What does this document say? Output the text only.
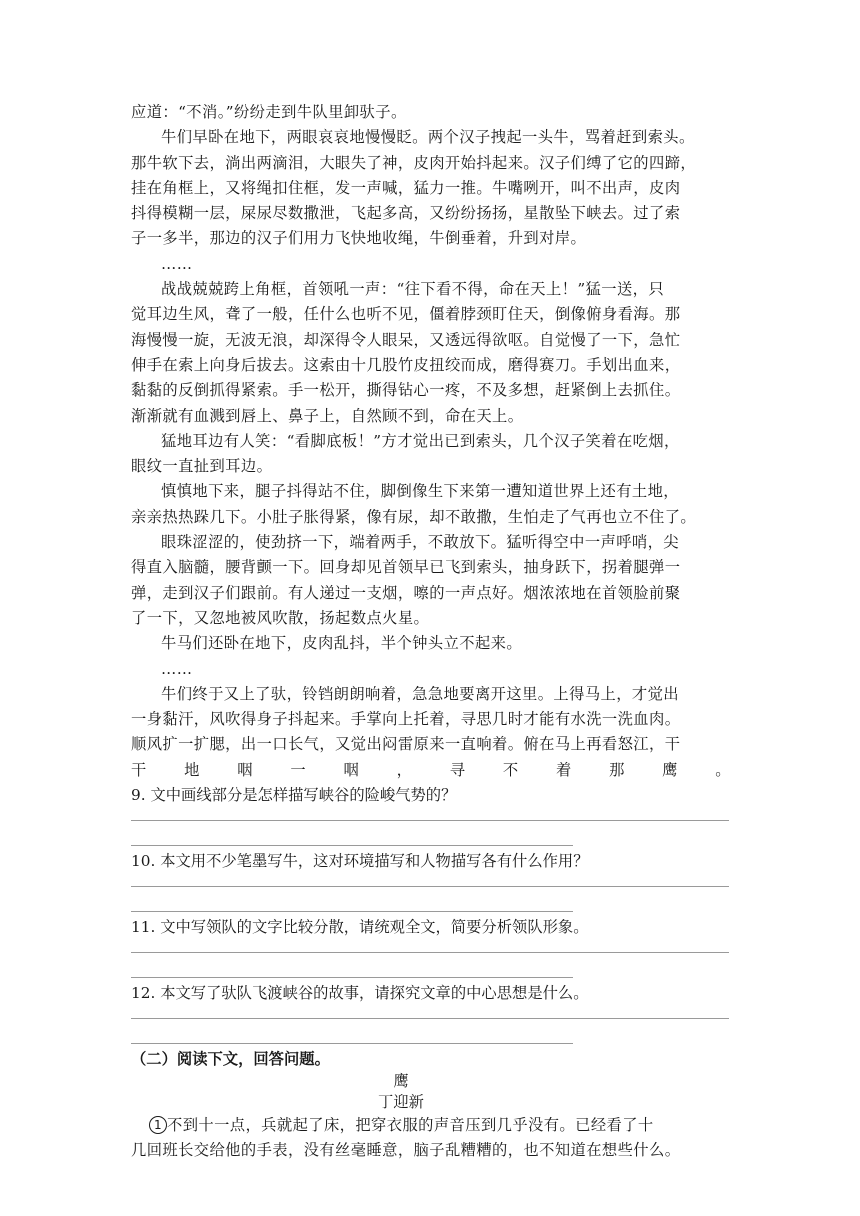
应道：“不消。”纷纷走到牛队里卸驮子。

牛们早卧在地下，两眼哀哀地慢慢眨。两个汉子拽起一头牛，骂着赶到索头。

那牛软下去，淌出两滴泪，大眼失了神，皮肉开始抖起来。汉子们缚了它的四蹄，

挂在角框上，又将绳扣住框，发一声喊，猛力一推。牛嘴咧开，叫不出声，皮肉

抖得模糊一层，屎尿尽数撒泄，飞起多高，又纷纷扬扬，星散坠下峡去。过了索

子一多半，那边的汉子们用力飞快地收绳，牛倒垂着，升到对岸。

……

战战兢兢跨上角框，首领吼一声：“往下看不得，命在天上！”猛一送，只

觉耳边生风，聋了一般，任什么也听不见，僵着脖颈盯住天，倒像俯身看海。那

海慢慢一旋，无波无浪，却深得令人眼呆，又透远得欲呕。自觉慢了一下，急忙

伸手在索上向身后拔去。这索由十几股竹皮扭绞而成，磨得赛刀。手划出血来，

黏黏的反倒抓得紧索。手一松开，撕得钻心一疼，不及多想，赶紧倒上去抓住。

渐渐就有血溅到唇上、鼻子上，自然顾不到，命在天上。

猛地耳边有人笑：“看脚底板！”方才觉出已到索头，几个汉子笑着在吃烟，

眼纹一直扯到耳边。

慎慎地下来，腿子抖得站不住，脚倒像生下来第一遭知道世界上还有土地，

亲亲热热跺几下。小肚子胀得紧，像有尿，却不敢撒，生怕走了气再也立不住了。

眼珠涩涩的，使劲挤一下，端着两手，不敢放下。猛听得空中一声呼哨，尖

得直入脑髓，腰背颤一下。回身却见首领早已飞到索头，抽身跃下，拐着腿弹一

弹，走到汉子们跟前。有人递过一支烟，嚓的一声点好。烟浓浓地在首领脸前聚

了一下，又忽地被风吹散，扬起数点火星。

牛马们还卧在地下，皮肉乱抖，半个钟头立不起来。

……

牛们终于又上了驮，铃铛朗朗响着，急急地要离开这里。上得马上，才觉出

一身黏汗，风吹得身子抖起来。手掌向上托着，寻思几时才能有水洗一洗血肉。

顺风扩一扩腮，出一口长气，又觉出闷雷原来一直响着。俯在马上再看怒江，干

干 地 咽 一 咽 ， 寻 不 着 那 鹰 。

9. 文中画线部分是怎样描写峡谷的险峻气势的？

10. 本文用不少笔墨写牛，这对环境描写和人物描写各有什么作用？

11. 文中写领队的文字比较分散，请统观全文，简要分析领队形象。

12. 本文写了驮队飞渡峡谷的故事，请探究文章的中心思想是什么。

（二）阅读下文，回答问题。

鹰

丁迎新

1 不到十一点，兵就起了床，把穿衣服的声音压到几乎没有。已经看了十

几回班长交给他的手表，没有丝毫睡意，脑子乱糟糟的，也不知道在想些什么。
